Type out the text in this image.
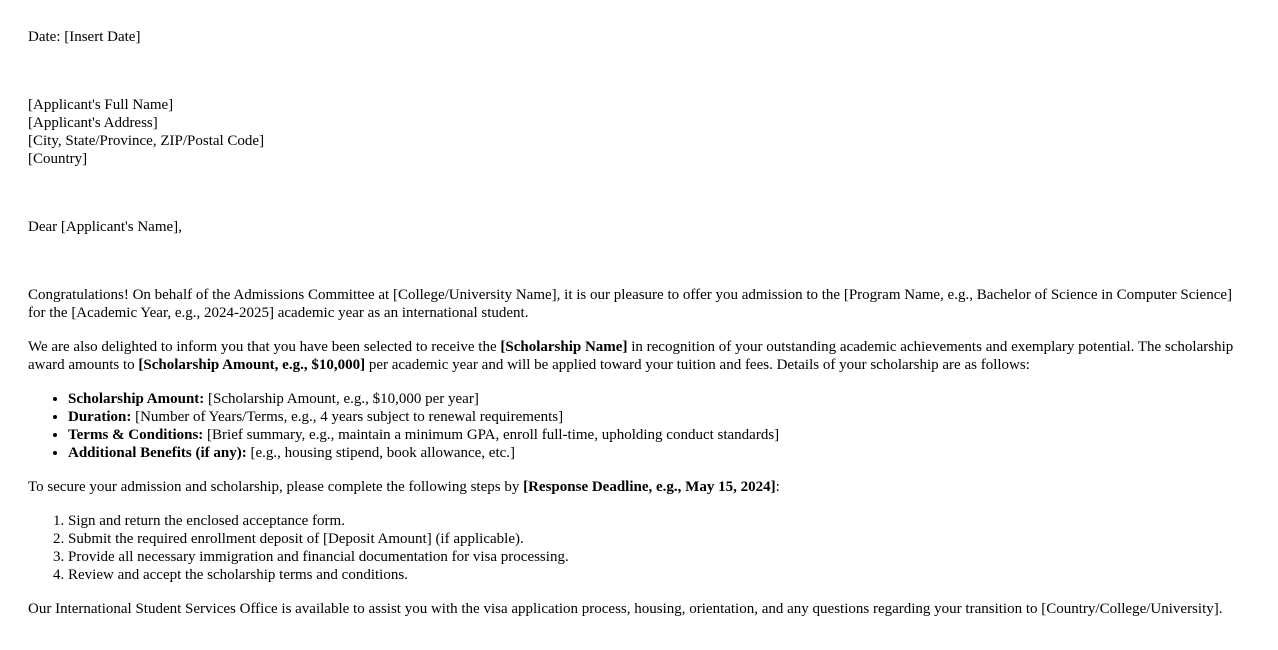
Date: [Insert Date]

[Applicant's Full Name]
[Applicant's Address]
[City, State/Province, ZIP/Postal Code]
[Country]

Dear [Applicant's Name],

Congratulations! On behalf of the Admissions Committee at [College/University Name], it is our pleasure to offer you admission to the [Program Name, e.g., Bachelor of Science in Computer Science] for the [Academic Year, e.g., 2024-2025] academic year as an international student.

We are also delighted to inform you that you have been selected to receive the [Scholarship Name] in recognition of your outstanding academic achievements and exemplary potential. The scholarship award amounts to [Scholarship Amount, e.g., $10,000] per academic year and will be applied toward your tuition and fees. Details of your scholarship are as follows:

• Scholarship Amount: [Scholarship Amount, e.g., $10,000 per year]
• Duration: [Number of Years/Terms, e.g., 4 years subject to renewal requirements]
• Terms & Conditions: [Brief summary, e.g., maintain a minimum GPA, enroll full-time, upholding conduct standards]
• Additional Benefits (if any): [e.g., housing stipend, book allowance, etc.]

To secure your admission and scholarship, please complete the following steps by [Response Deadline, e.g., May 15, 2024]:

1. Sign and return the enclosed acceptance form.
2. Submit the required enrollment deposit of [Deposit Amount] (if applicable).
3. Provide all necessary immigration and financial documentation for visa processing.
4. Review and accept the scholarship terms and conditions.

Our International Student Services Office is available to assist you with the visa application process, housing, orientation, and any questions regarding your transition to [Country/College/University].
